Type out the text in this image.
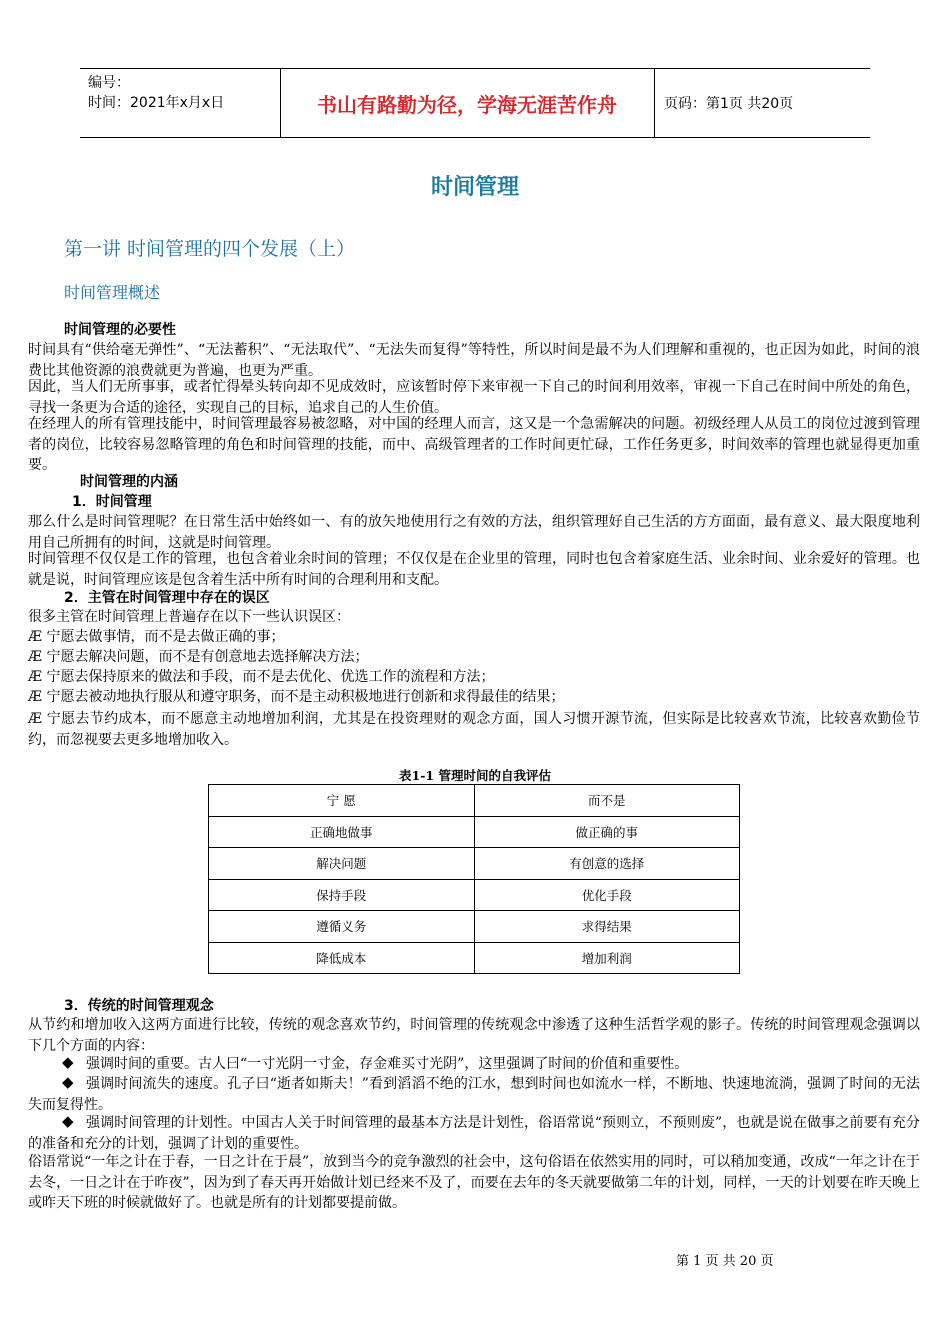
编号：
时间：2021年x月x日	书山有路勤为径，学海无涯苦作舟	页码：第1页 共20页
时间管理
第一讲 时间管理的四个发展（上）
时间管理概述
时间管理的必要性
时间具有“供给毫无弹性”、“无法蓄积”、“无法取代”、“无法失而复得”等特性，所以时间是最不为人们理解和重视的，也正因为如此，时间的浪费比其他资源的浪费就更为普遍，也更为严重。
因此，当人们无所事事，或者忙得晕头转向却不见成效时，应该暂时停下来审视一下自己的时间利用效率，审视一下自己在时间中所处的角色，寻找一条更为合适的途径，实现自己的目标，追求自己的人生价值。
在经理人的所有管理技能中，时间管理最容易被忽略，对中国的经理人而言，这又是一个急需解决的问题。初级经理人从员工的岗位过渡到管理者的岗位，比较容易忽略管理的角色和时间管理的技能，而中、高级管理者的工作时间更忙碌，工作任务更多，时间效率的管理也就显得更加重要。
时间管理的内涵
1．时间管理
那么什么是时间管理呢？在日常生活中始终如一、有的放矢地使用行之有效的方法，组织管理好自己生活的方方面面，最有意义、最大限度地利用自己所拥有的时间，这就是时间管理。
时间管理不仅仅是工作的管理，也包含着业余时间的管理；不仅仅是在企业里的管理，同时也包含着家庭生活、业余时间、业余爱好的管理。也就是说，时间管理应该是包含着生活中所有时间的合理利用和支配。
2．主管在时间管理中存在的误区
很多主管在时间管理上普遍存在以下一些认识误区：
Æ 宁愿去做事情，而不是去做正确的事；
Æ 宁愿去解决问题，而不是有创意地去选择解决方法；
Æ 宁愿去保持原来的做法和手段，而不是去优化、优选工作的流程和方法；
Æ 宁愿去被动地执行服从和遵守职务，而不是主动积极地进行创新和求得最佳的结果；
Æ 宁愿去节约成本，而不愿意主动地增加利润，尤其是在投资理财的观念方面，国人习惯开源节流，但实际是比较喜欢节流，比较喜欢勤俭节约，而忽视要去更多地增加收入。
表1-1 管理时间的自我评估
宁 愿	而不是
正确地做事	做正确的事
解决问题	有创意的选择
保持手段	优化手段
遵循义务	求得结果
降低成本	增加利润
3．传统的时间管理观念
从节约和增加收入这两方面进行比较，传统的观念喜欢节约，时间管理的传统观念中渗透了这种生活哲学观的影子。传统的时间管理观念强调以下几个方面的内容：
◆ 强调时间的重要。古人曰“一寸光阴一寸金，存金难买寸光阴”，这里强调了时间的价值和重要性。
◆ 强调时间流失的速度。孔子曰“逝者如斯夫！”看到滔滔不绝的江水，想到时间也如流水一样，不断地、快速地流淌，强调了时间的无法失而复得性。
◆ 强调时间管理的计划性。中国古人关于时间管理的最基本方法是计划性，俗语常说“预则立，不预则废”，也就是说在做事之前要有充分的准备和充分的计划，强调了计划的重要性。
俗语常说“一年之计在于春，一日之计在于晨”，放到当今的竞争激烈的社会中，这句俗语在依然实用的同时，可以稍加变通，改成“一年之计在于去冬，一日之计在于昨夜”，因为到了春天再开始做计划已经来不及了，而要在去年的冬天就要做第二年的计划，同样，一天的计划要在昨天晚上或昨天下班的时候就做好了。也就是所有的计划都要提前做。
第 1 页 共 20 页
